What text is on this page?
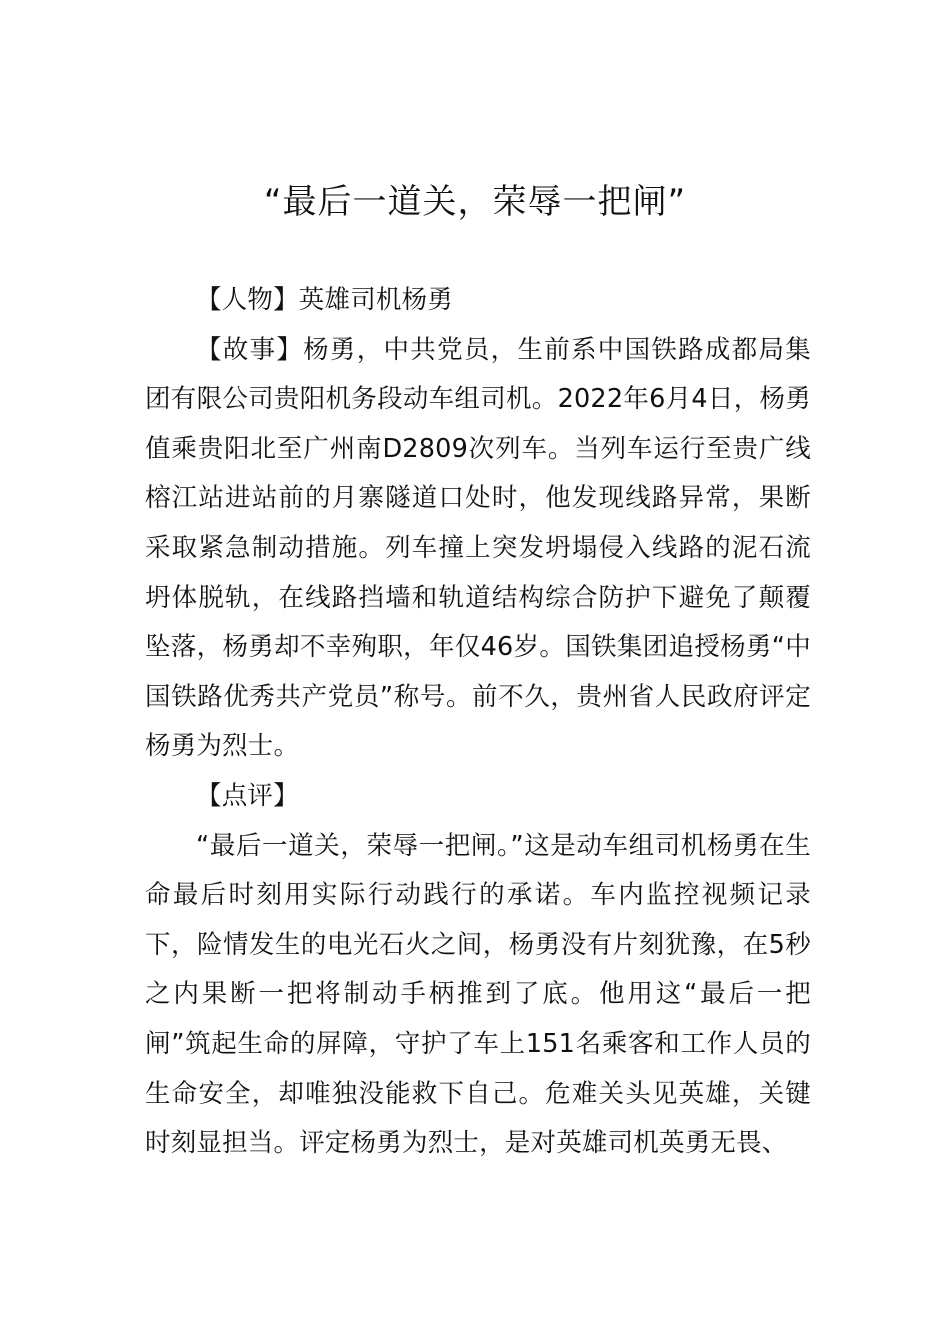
“最后一道关，荣辱一把闸”

【人物】英雄司机杨勇

【故事】杨勇，中共党员，生前系中国铁路成都局集团有限公司贵阳机务段动车组司机。2022年6月4日，杨勇值乘贵阳北至广州南D2809次列车。当列车运行至贵广线榕江站进站前的月寨隧道口处时，他发现线路异常，果断采取紧急制动措施。列车撞上突发坍塌侵入线路的泥石流坍体脱轨，在线路挡墙和轨道结构综合防护下避免了颠覆坠落，杨勇却不幸殉职，年仅46岁。国铁集团追授杨勇“中国铁路优秀共产党员”称号。前不久，贵州省人民政府评定杨勇为烈士。

【点评】

“最后一道关，荣辱一把闸。”这是动车组司机杨勇在生命最后时刻用实际行动践行的承诺。车内监控视频记录下，险情发生的电光石火之间，杨勇没有片刻犹豫，在5秒之内果断一把将制动手柄推到了底。他用这“最后一把闸”筑起生命的屏障，守护了车上151名乘客和工作人员的生命安全，却唯独没能救下自己。危难关头见英雄，关键时刻显担当。评定杨勇为烈士，是对英雄司机英勇无畏、
